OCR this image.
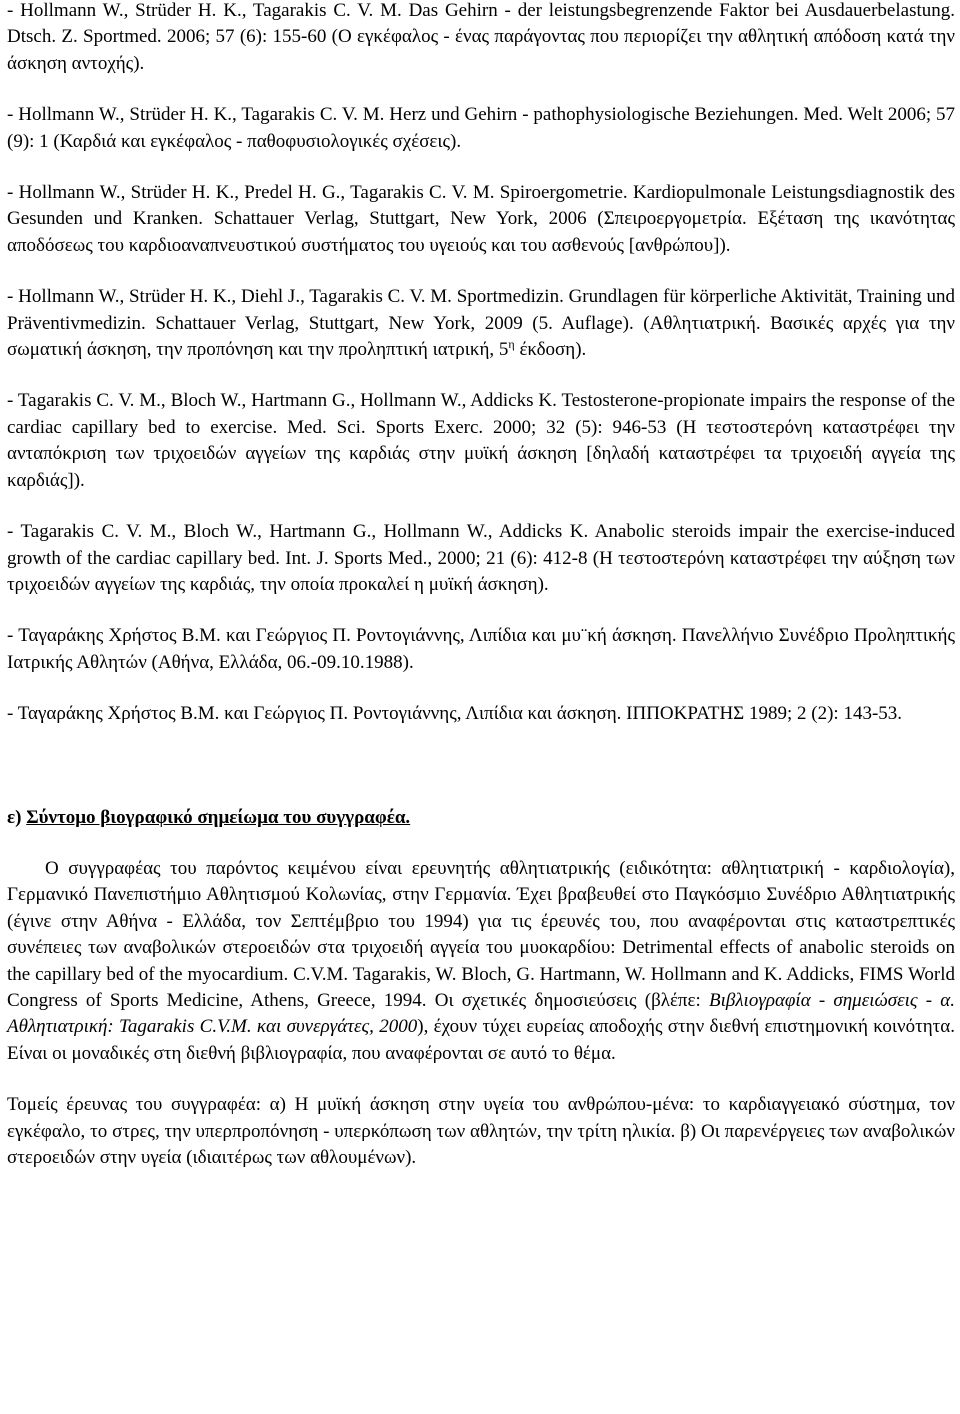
- Hollmann W., Strüder H. K., Tagarakis C. V. M. Das Gehirn - der leistungsbegrenzende Faktor bei Ausdauerbelastung. Dtsch. Z. Sportmed. 2006; 57 (6): 155-60 (Ο εγκέφαλος - ένας παράγοντας που περιορίζει την αθλητική απόδοση κατά την άσκηση αντοχής).

- Hollmann W., Strüder H. K., Tagarakis C. V. M. Herz und Gehirn - pathophysiologische Beziehungen. Med. Welt 2006; 57 (9): 1 (Καρδιά και εγκέφαλος - παθοφυσιολογικές σχέσεις).

- Hollmann W., Strüder H. K., Predel H. G., Tagarakis C. V. M. Spiroergometrie. Kardiopulmonale Leistungsdiagnostik des Gesunden und Kranken. Schattauer Verlag, Stuttgart, New York, 2006 (Σπειροεργομετρία. Εξέταση της ικανότητας αποδόσεως του καρδιοαναπνευστικού συστήματος του υγειούς και του ασθενούς [ανθρώπου]).

- Hollmann W., Strüder H. K., Diehl J., Tagarakis C. V. M. Sportmedizin. Grundlagen für körperliche Aktivität, Training und Präventivmedizin. Schattauer Verlag, Stuttgart, New York, 2009 (5. Auflage). (Αθλητιατρική. Βασικές αρχές για την σωματική άσκηση, την προπόνηση και την προληπτική ιατρική, $5^\eta$ έκδοση).

- Tagarakis C. V. M., Bloch W., Hartmann G., Hollmann W., Addicks K. Testosterone-propionate impairs the response of the cardiac capillary bed to exercise. Med. Sci. Sports Exerc. 2000; 32 (5): 946-53 (Η τεστοστερόνη καταστρέφει την ανταπόκριση των τριχοειδών αγγείων της καρδιάς στην μυϊκή άσκηση [δηλαδή καταστρέφει τα τριχοειδή αγγεία της καρδιάς]).

- Tagarakis C. V. M., Bloch W., Hartmann G., Hollmann W., Addicks K. Anabolic steroids impair the exercise-induced growth of the cardiac capillary bed. Int. J. Sports Med., 2000; 21 (6): 412-8 (Η τεστοστερόνη καταστρέφει την αύξηση των τριχοειδών αγγείων της καρδιάς, την οποία προκαλεί η μυϊκή άσκηση).

- Ταγαράκης Χρήστος Β.Μ. και Γεώργιος Π. Ροντογιάννης, Λιπίδια και μυ¨κή άσκηση. Πανελλήνιο Συνέδριο Προληπτικής Ιατρικής Αθλητών (Αθήνα, Ελλάδα, 06.-09.10.1988).

- Ταγαράκης Χρήστος Β.Μ. και Γεώργιος Π. Ροντογιάννης, Λιπίδια και άσκηση. ΙΠΠΟΚΡΑΤΗΣ 1989; 2 (2): 143-53.

ε) Σύντομο βιογραφικό σημείωμα του συγγραφέα.

Ο συγγραφέας του παρόντος κειμένου είναι ερευνητής αθλητιατρικής (ειδικότητα: αθλητιατρική - καρδιολογία), Γερμανικό Πανεπιστήμιο Αθλητισμού Κολωνίας, στην Γερμανία. Έχει βραβευθεί στο Παγκόσμιο Συνέδριο Αθλητιατρικής (έγινε στην Αθήνα - Ελλάδα, τον Σεπτέμβριο του 1994) για τις έρευνές του, που αναφέρονται στις καταστρεπτικές συνέπειες των αναβολικών στεροειδών στα τριχοειδή αγγεία του μυοκαρδίου: Detrimental effects of anabolic steroids on the capillary bed of the myocardium. C.V.M. Tagarakis, W. Bloch, G. Hartmann, W. Hollmann and K. Addicks, FIMS World Congress of Sports Medicine, Athens, Greece, 1994. Οι σχετικές δημοσιεύσεις (βλέπε: Βιβλιογραφία - σημειώσεις - α. Αθλητιατρική: Tagarakis C.V.M. και συνεργάτες, 2000), έχουν τύχει ευρείας αποδοχής στην διεθνή επιστημονική κοινότητα. Είναι οι μοναδικές στη διεθνή βιβλιογραφία, που αναφέρονται σε αυτό το θέμα.

Τομείς έρευνας του συγγραφέα: α) Η μυϊκή άσκηση στην υγεία του ανθρώπου-μένα: το καρδιαγγειακό σύστημα, τον εγκέφαλο, το στρες, την υπερπροπόνηση - υπερκόπωση των αθλητών, την τρίτη ηλικία. β) Οι παρενέργειες των αναβολικών στεροειδών στην υγεία (ιδιαιτέρως των αθλουμένων).
